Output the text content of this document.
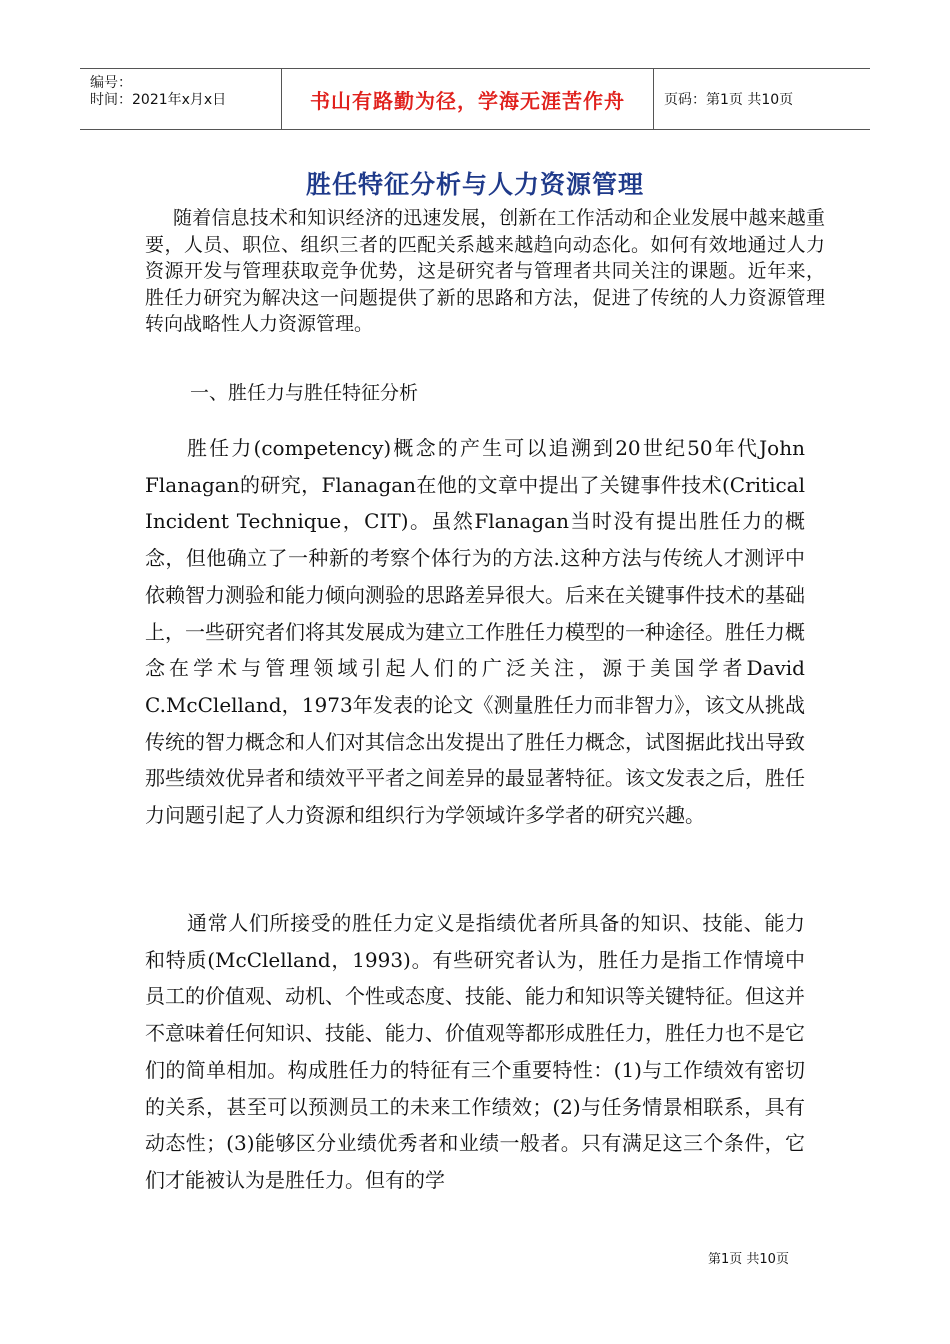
编号：
时间：2021年x月x日	书山有路勤为径，学海无涯苦作舟	页码：第1页 共10页
胜任特征分析与人力资源管理

随着信息技术和知识经济的迅速发展，创新在工作活动和企业发展中越来越重要，人员、职位、组织三者的匹配关系越来越趋向动态化。如何有效地通过人力资源开发与管理获取竞争优势，这是研究者与管理者共同关注的课题。近年来，胜任力研究为解决这一问题提供了新的思路和方法，促进了传统的人力资源管理转向战略性人力资源管理。

一、胜任力与胜任特征分析

胜任力(competency)概念的产生可以追溯到20世纪50年代John Flanagan的研究，Flanagan在他的文章中提出了关键事件技术(Critical Incident Technique，CIT)。虽然Flanagan当时没有提出胜任力的概念，但他确立了一种新的考察个体行为的方法.这种方法与传统人才测评中依赖智力测验和能力倾向测验的思路差异很大。后来在关键事件技术的基础上，一些研究者们将其发展成为建立工作胜任力模型的一种途径。胜任力概念在学术与管理领域引起人们的广泛关注，源于美国学者David C.McClelland，1973年发表的论文《测量胜任力而非智力》，该文从挑战传统的智力概念和人们对其信念出发提出了胜任力概念，试图据此找出导致那些绩效优异者和绩效平平者之间差异的最显著特征。该文发表之后，胜任力问题引起了人力资源和组织行为学领域许多学者的研究兴趣。

通常人们所接受的胜任力定义是指绩优者所具备的知识、技能、能力和特质(McClelland，1993)。有些研究者认为，胜任力是指工作情境中员工的价值观、动机、个性或态度、技能、能力和知识等关键特征。但这并不意味着任何知识、技能、能力、价值观等都形成胜任力，胜任力也不是它们的简单相加。构成胜任力的特征有三个重要特性：(1)与工作绩效有密切的关系，甚至可以预测员工的未来工作绩效；(2)与任务情景相联系，具有动态性；(3)能够区分业绩优秀者和业绩一般者。只有满足这三个条件，它们才能被认为是胜任力。但有的学

第1页 共10页
